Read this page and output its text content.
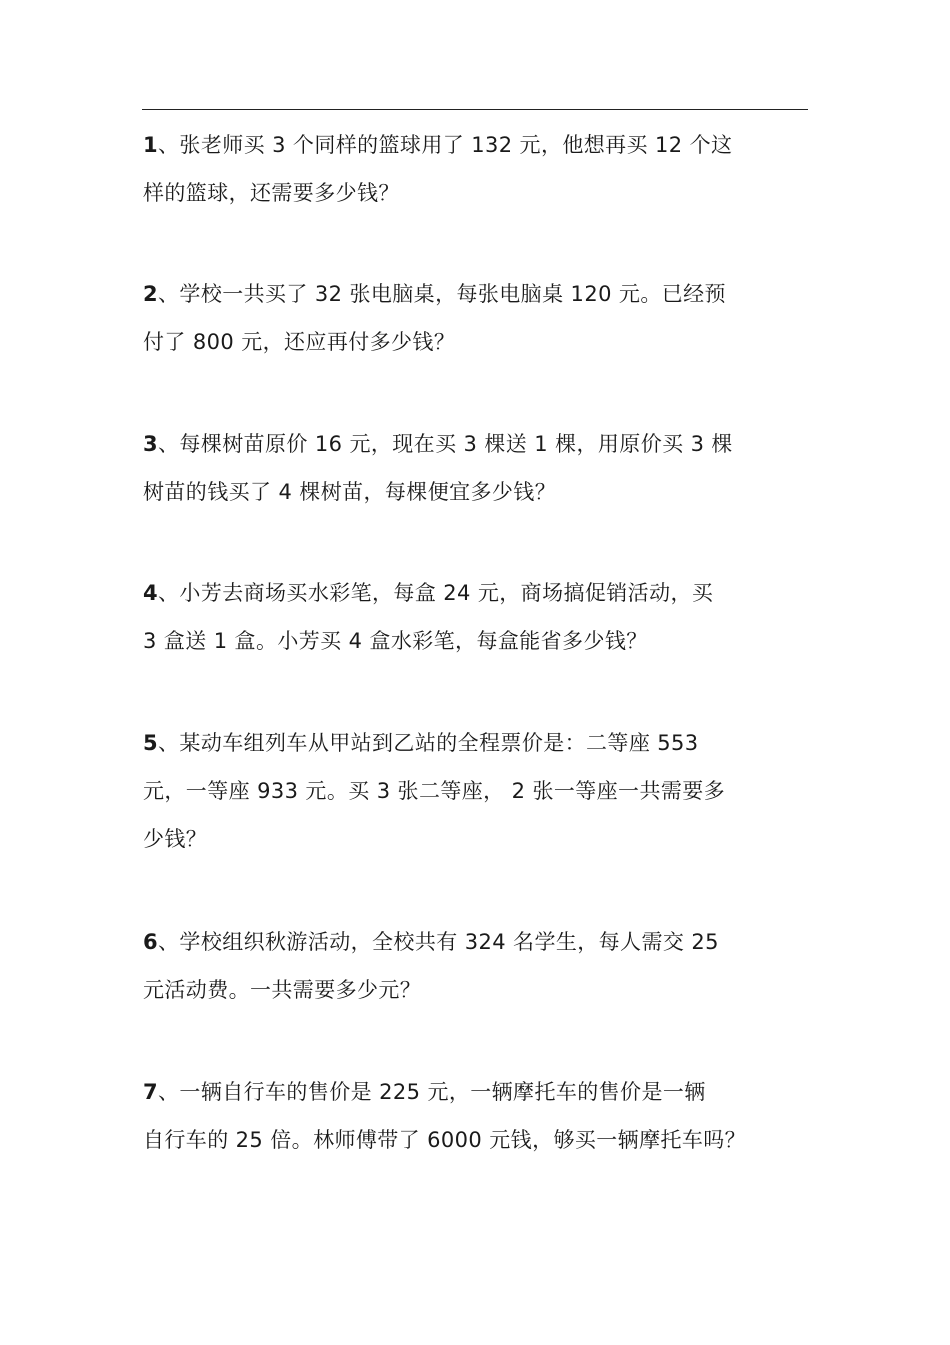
1、张老师买 3 个同样的篮球用了 132 元，他想再买 12 个这
样的篮球，还需要多少钱？
2、学校一共买了 32 张电脑桌，每张电脑桌 120 元。已经预
付了 800 元，还应再付多少钱？
3、每棵树苗原价 16 元，现在买 3 棵送 1 棵，用原价买 3 棵
树苗的钱买了 4 棵树苗，每棵便宜多少钱？
4、小芳去商场买水彩笔，每盒 24 元，商场搞促销活动，买
3 盒送 1 盒。小芳买 4 盒水彩笔，每盒能省多少钱？
5、某动车组列车从甲站到乙站的全程票价是：二等座 553
元，一等座 933 元。买 3 张二等座， 2 张一等座一共需要多
少钱？
6、学校组织秋游活动，全校共有 324 名学生，每人需交 25
元活动费。一共需要多少元？
7、一辆自行车的售价是 225 元，一辆摩托车的售价是一辆
自行车的 25 倍。林师傅带了 6000 元钱，够买一辆摩托车吗？
